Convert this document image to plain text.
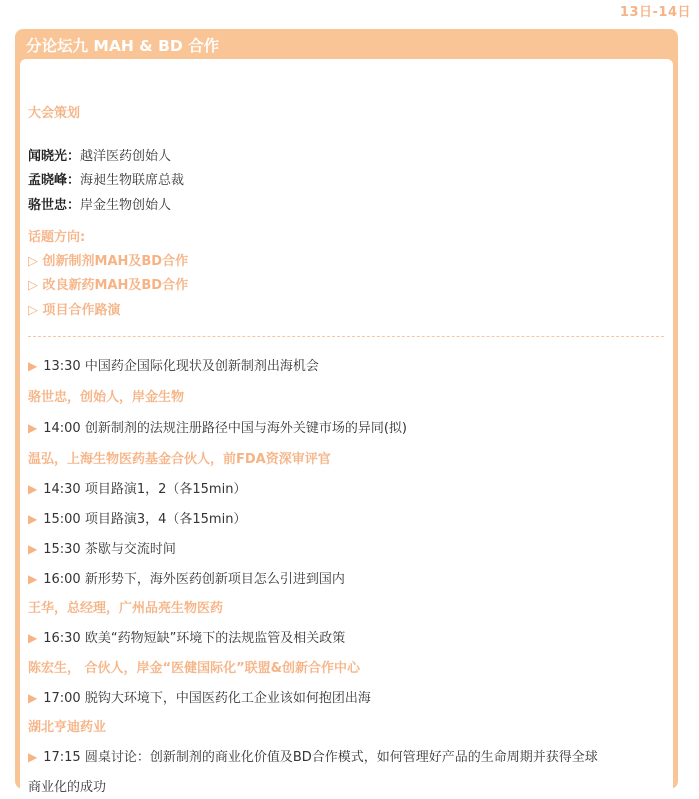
13日-14日
分论坛九 MAH & BD 合作
大会策划
闻晓光：越洋医药创始人
孟晓峰：海昶生物联席总裁
骆世忠：岸金生物创始人
话题方向:
▷ 创新制剂MAH及BD合作
▷ 改良新药MAH及BD合作
▷ 项目合作路演
▶ 13:30 中国药企国际化现状及创新制剂出海机会
骆世忠，创始人，岸金生物
▶ 14:00 创新制剂的法规注册路径中国与海外关键市场的异同(拟)
温弘，上海生物医药基金合伙人，前FDA资深审评官
▶ 14:30 项目路演1，2（各15min）
▶ 15:00 项目路演3，4（各15min）
▶ 15:30 茶歇与交流时间
▶ 16:00 新形势下，海外医药创新项目怎么引进到国内
王华，总经理，广州品亮生物医药
▶ 16:30 欧美“药物短缺”环境下的法规监管及相关政策
陈宏生， 合伙人，岸金“医健国际化”联盟&创新合作中心
▶ 17:00 脱钩大环境下，中国医药化工企业该如何抱团出海
湖北亨迪药业
▶ 17:15 圆桌讨论：创新制剂的商业化价值及BD合作模式，如何管理好产品的生命周期并获得全球
商业化的成功
